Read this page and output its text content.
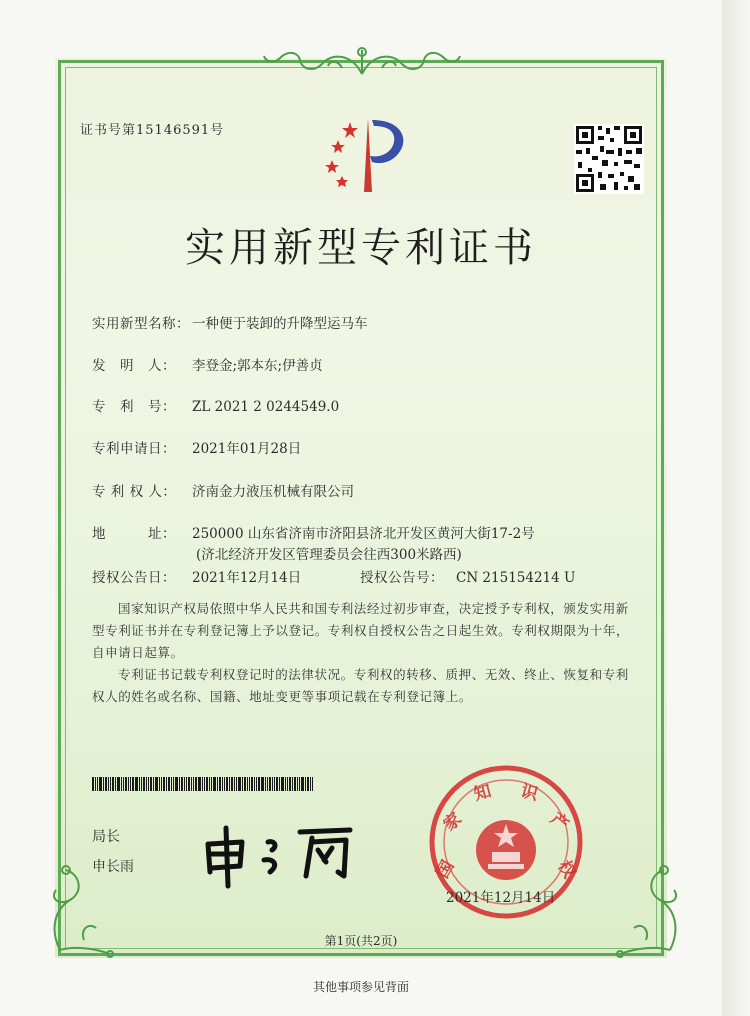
证书号第15146591号
实用新型专利证书
实用新型名称： 一种便于装卸的升降型运马车
发　明　人： 李登金;郭本东;伊善贞
专　利　号： ZL 2021 2 0244549.0
专利申请日： 2021年01月28日
专 利 权 人： 济南金力液压机械有限公司
地　　　址： 250000 山东省济南市济阳县济北开发区黄河大街17-2号
(济北经济开发区管理委员会往西300米路西)
授权公告日： 2021年12月14日	授权公告号： CN 215154214 U
国家知识产权局依照中华人民共和国专利法经过初步审查，决定授予专利权，颁发实用新型专利证书并在专利登记簿上予以登记。专利权自授权公告之日起生效。专利权期限为十年，自申请日起算。
专利证书记载专利权登记时的法律状况。专利权的转移、质押、无效、终止、恢复和专利权人的姓名或名称、国籍、地址变更等事项记载在专利登记簿上。
局长
申长雨	国
家
知 识
产
权
2021年12月14日
第1页(共2页)
其他事项参见背面
